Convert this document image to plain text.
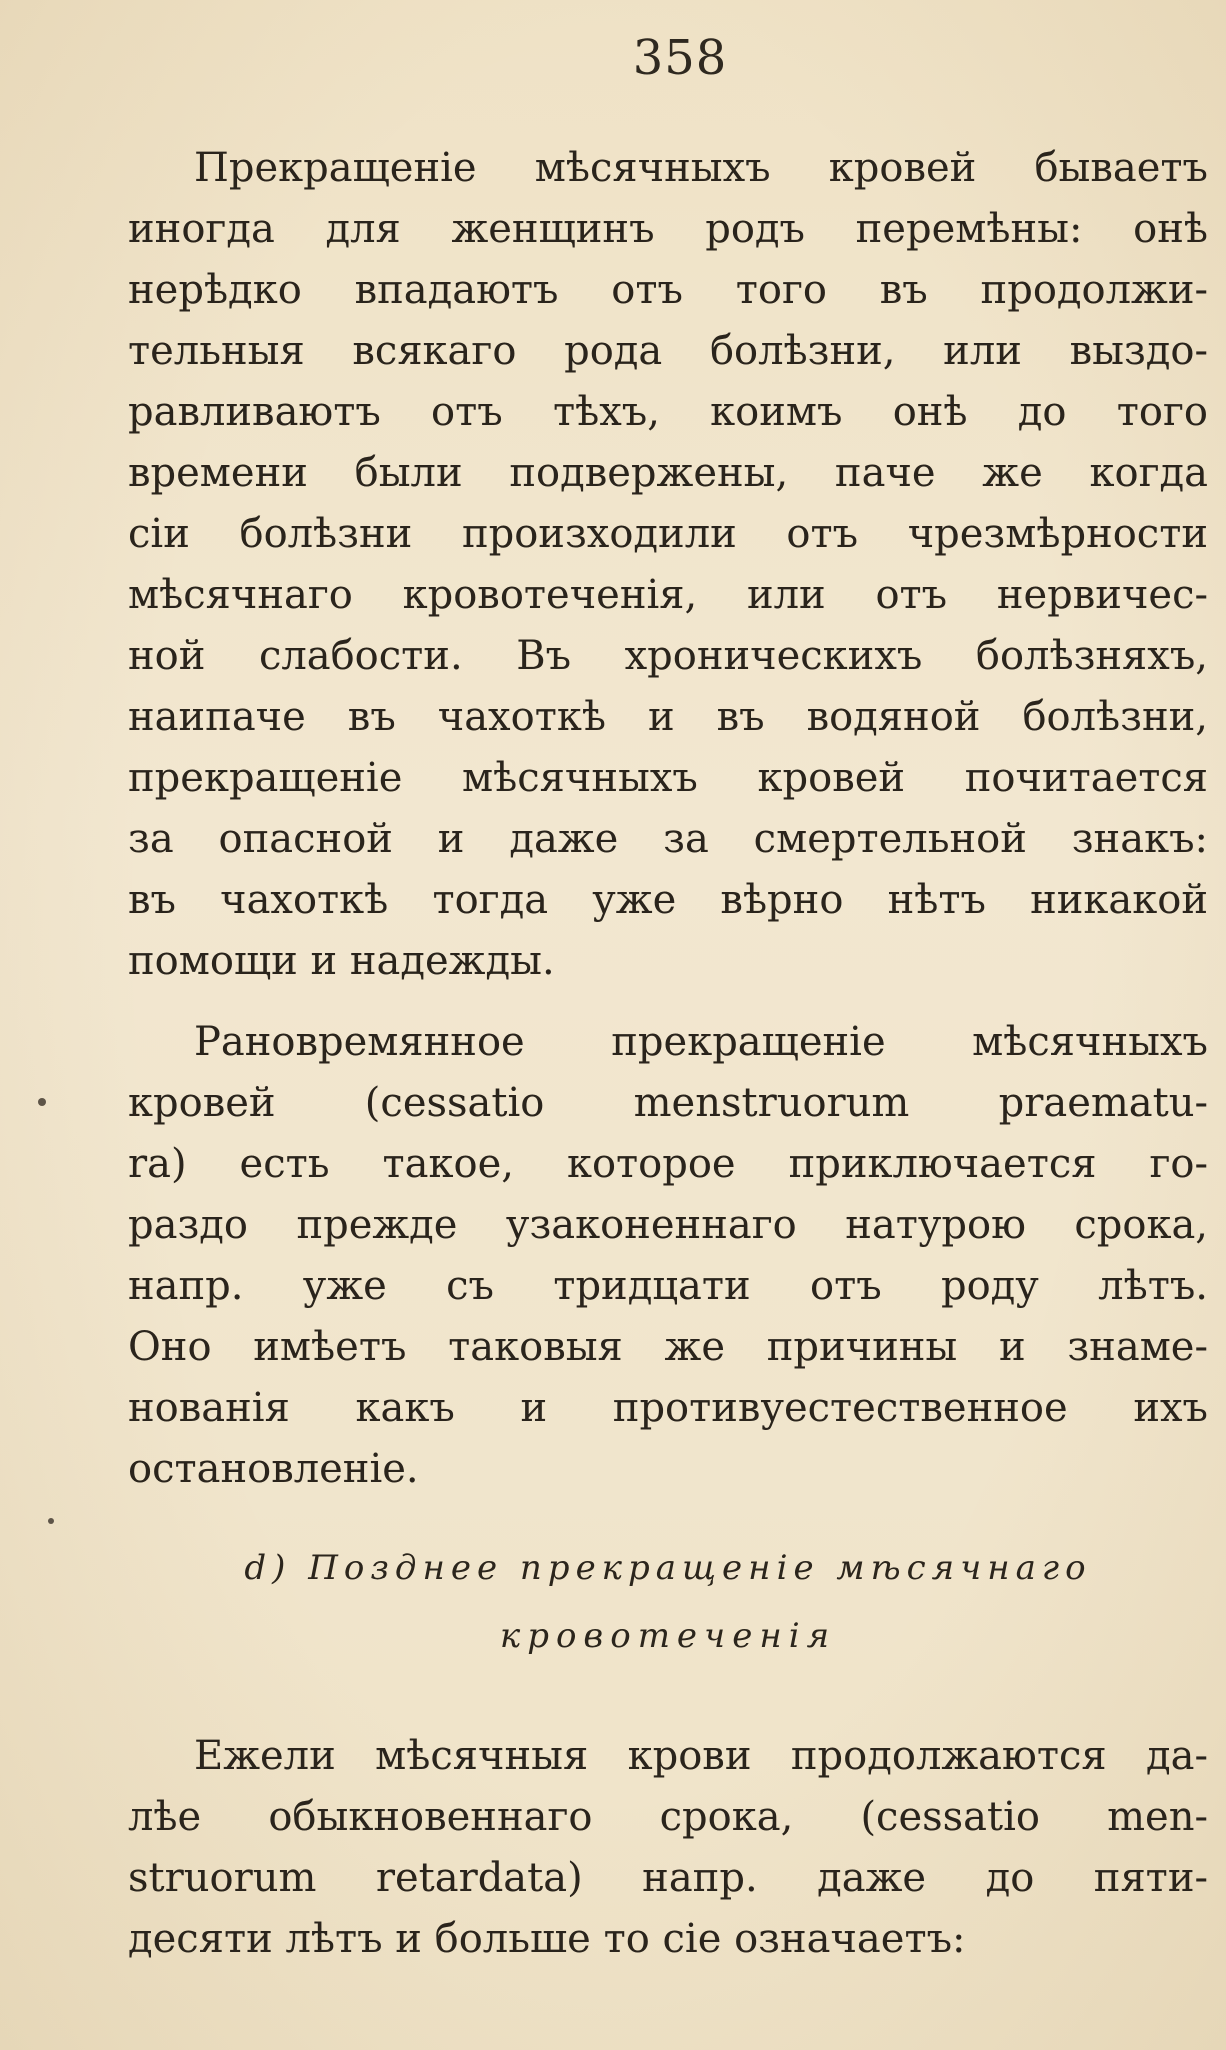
358
Прекращеніе мѣсячныхъ кровей бываетъ
иногда для женщинъ родъ перемѣны: онѣ
нерѣдко впадаютъ отъ того въ продолжи-
тельныя всякаго рода болѣзни, или выздо-
равливаютъ отъ тѣхъ, коимъ онѣ до того
времени были подвержены, паче же когда
сіи болѣзни произходили отъ чрезмѣрности
мѣсячнаго кровотеченія, или отъ нервичес-
ной слабости. Въ хроническихъ болѣзняхъ,
наипаче въ чахоткѣ и въ водяной болѣзни,
прекращеніе мѣсячныхъ кровей почитается
за опасной и даже за смертельной знакъ:
въ чахоткѣ тогда уже вѣрно нѣтъ никакой
помощи и надежды.
Рановремянное прекращеніе мѣсячныхъ
кровей (cessatio menstruorum praematu-
ra) есть такое, которое приключается го-
раздо прежде узаконеннаго натурою срока,
напр. уже съ тридцати отъ роду лѣтъ.
Оно имѣетъ таковыя же причины и знаме-
нованія какъ и противуестественное ихъ
остановленіе.
d) Позднее прекращеніе мѣсячнаго
кровотеченія
Ежели мѣсячныя крови продолжаются да-
лѣе обыкновеннаго срока, (cessatio men-
struorum retardata) напр. даже до пяти-
десяти лѣтъ и больше то сіе означаетъ:
